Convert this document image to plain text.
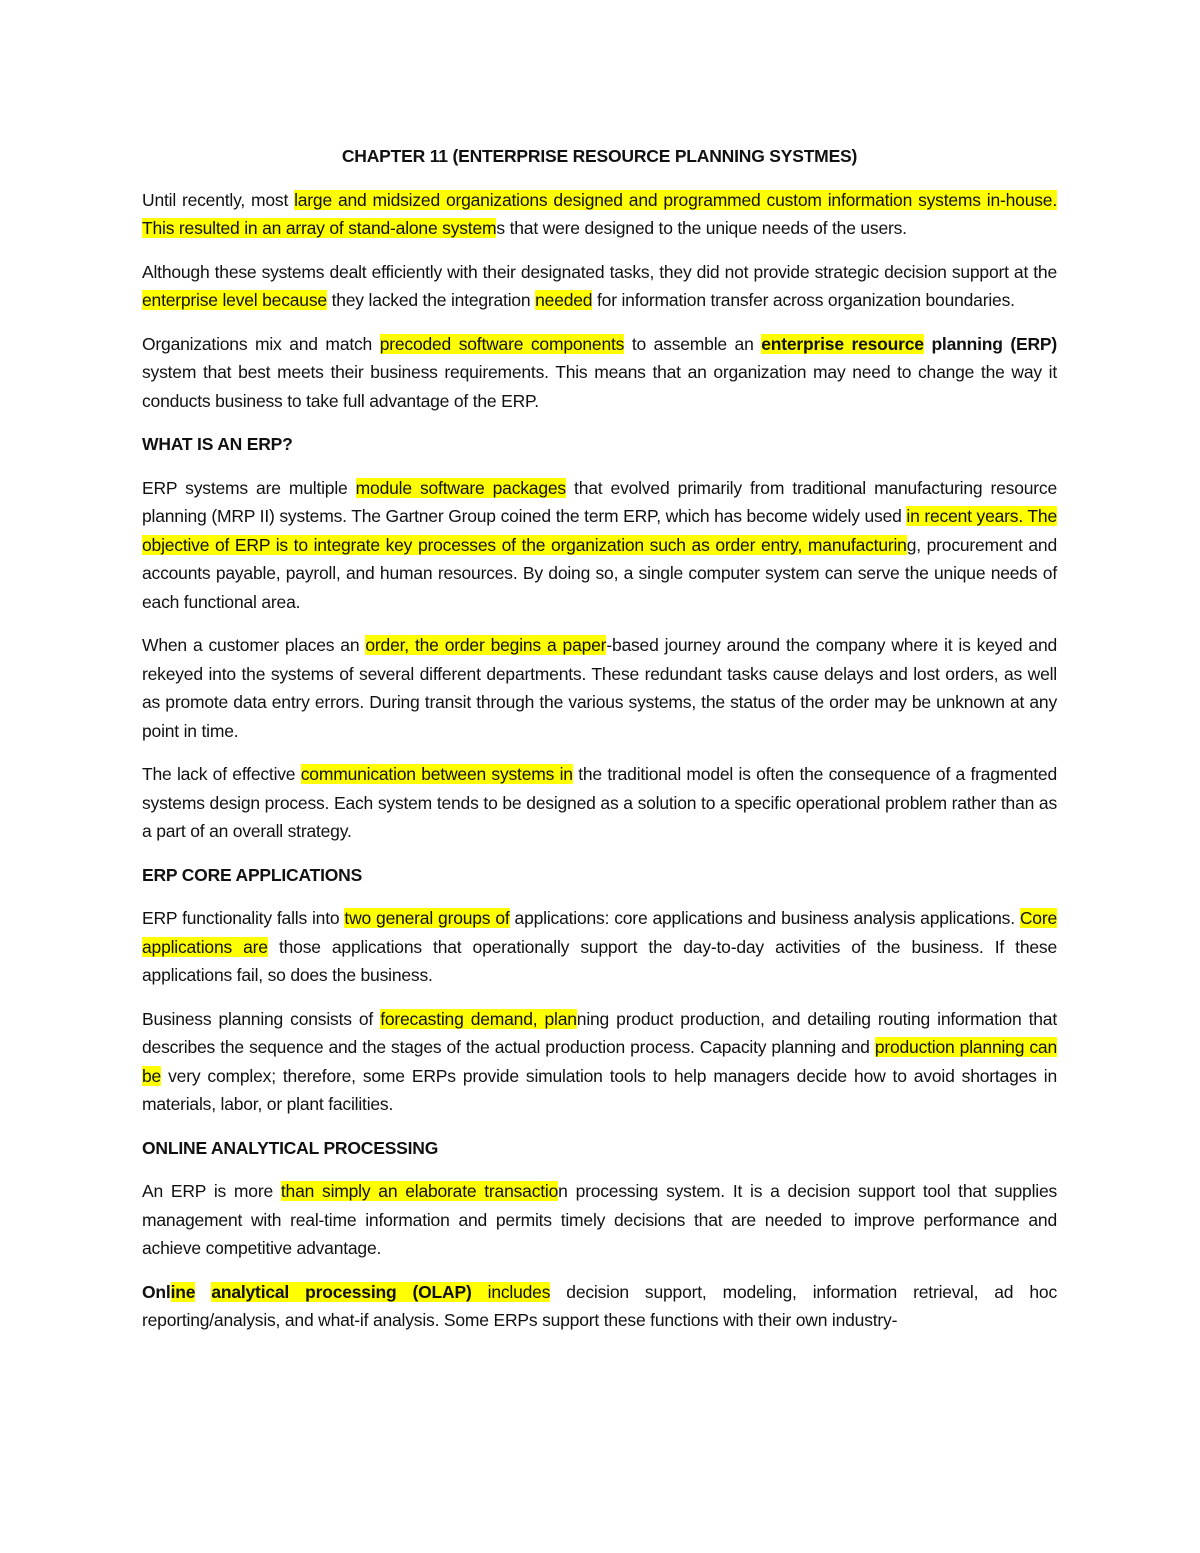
CHAPTER 11 (ENTERPRISE RESOURCE PLANNING SYSTMES)
Until recently, most large and midsized organizations designed and programmed custom information systems in-house. This resulted in an array of stand-alone systems that were designed to the unique needs of the users.
Although these systems dealt efficiently with their designated tasks, they did not provide strategic decision support at the enterprise level because they lacked the integration needed for information transfer across organization boundaries.
Organizations mix and match precoded software components to assemble an enterprise resource planning (ERP) system that best meets their business requirements. This means that an organization may need to change the way it conducts business to take full advantage of the ERP.
WHAT IS AN ERP?
ERP systems are multiple module software packages that evolved primarily from traditional manufacturing resource planning (MRP II) systems. The Gartner Group coined the term ERP, which has become widely used in recent years. The objective of ERP is to integrate key processes of the organization such as order entry, manufacturing, procurement and accounts payable, payroll, and human resources. By doing so, a single computer system can serve the unique needs of each functional area.
When a customer places an order, the order begins a paper-based journey around the company where it is keyed and rekeyed into the systems of several different departments. These redundant tasks cause delays and lost orders, as well as promote data entry errors. During transit through the various systems, the status of the order may be unknown at any point in time.
The lack of effective communication between systems in the traditional model is often the consequence of a fragmented systems design process. Each system tends to be designed as a solution to a specific operational problem rather than as a part of an overall strategy.
ERP CORE APPLICATIONS
ERP functionality falls into two general groups of applications: core applications and business analysis applications. Core applications are those applications that operationally support the day-to-day activities of the business. If these applications fail, so does the business.
Business planning consists of forecasting demand, planning product production, and detailing routing information that describes the sequence and the stages of the actual production process. Capacity planning and production planning can be very complex; therefore, some ERPs provide simulation tools to help managers decide how to avoid shortages in materials, labor, or plant facilities.
ONLINE ANALYTICAL PROCESSING
An ERP is more than simply an elaborate transaction processing system. It is a decision support tool that supplies management with real-time information and permits timely decisions that are needed to improve performance and achieve competitive advantage.
Online analytical processing (OLAP) includes decision support, modeling, information retrieval, ad hoc reporting/analysis, and what-if analysis. Some ERPs support these functions with their own industry-
